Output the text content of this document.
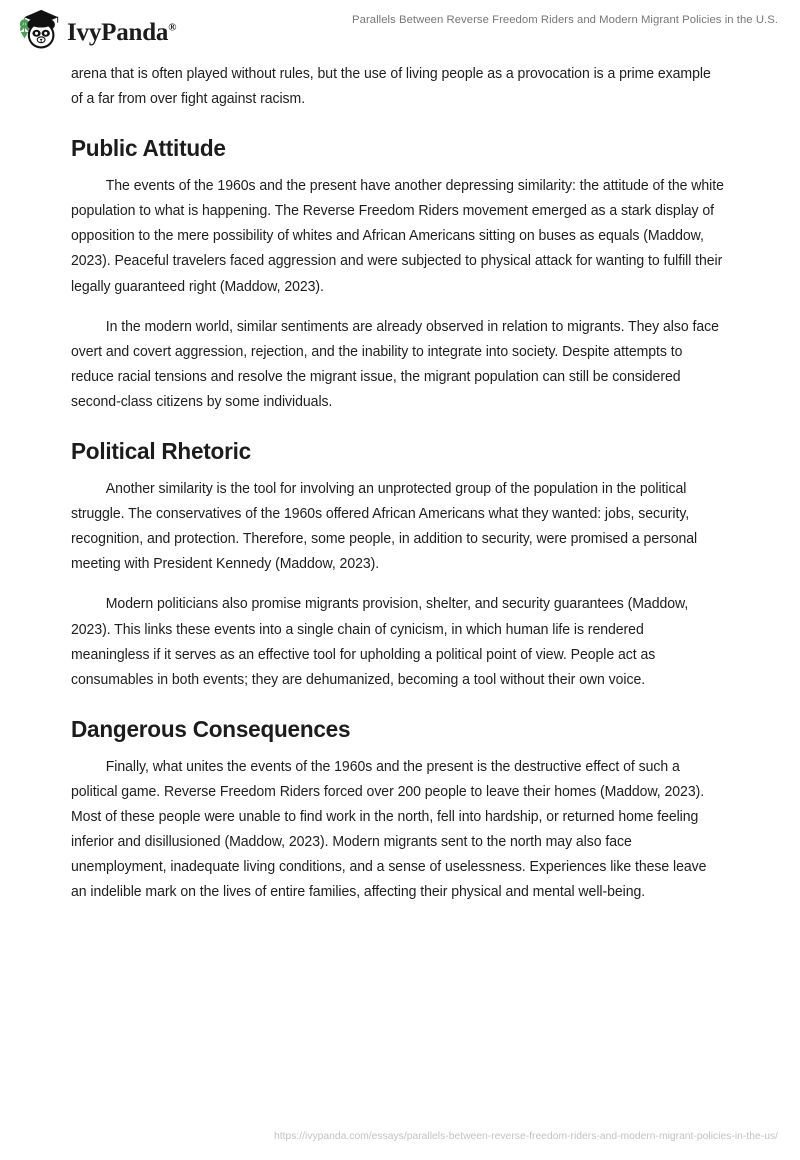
IvyPanda®
Parallels Between Reverse Freedom Riders and Modern Migrant Policies in the U.S.

arena that is often played without rules, but the use of living people as a provocation is a prime example of a far from over fight against racism.

Public Attitude

The events of the 1960s and the present have another depressing similarity: the attitude of the white population to what is happening. The Reverse Freedom Riders movement emerged as a stark display of opposition to the mere possibility of whites and African Americans sitting on buses as equals (Maddow, 2023). Peaceful travelers faced aggression and were subjected to physical attack for wanting to fulfill their legally guaranteed right (Maddow, 2023).

In the modern world, similar sentiments are already observed in relation to migrants. They also face overt and covert aggression, rejection, and the inability to integrate into society. Despite attempts to reduce racial tensions and resolve the migrant issue, the migrant population can still be considered second-class citizens by some individuals.

Political Rhetoric

Another similarity is the tool for involving an unprotected group of the population in the political struggle. The conservatives of the 1960s offered African Americans what they wanted: jobs, security, recognition, and protection. Therefore, some people, in addition to security, were promised a personal meeting with President Kennedy (Maddow, 2023).

Modern politicians also promise migrants provision, shelter, and security guarantees (Maddow, 2023). This links these events into a single chain of cynicism, in which human life is rendered meaningless if it serves as an effective tool for upholding a political point of view. People act as consumables in both events; they are dehumanized, becoming a tool without their own voice.

Dangerous Consequences

Finally, what unites the events of the 1960s and the present is the destructive effect of such a political game. Reverse Freedom Riders forced over 200 people to leave their homes (Maddow, 2023). Most of these people were unable to find work in the north, fell into hardship, or returned home feeling inferior and disillusioned (Maddow, 2023). Modern migrants sent to the north may also face unemployment, inadequate living conditions, and a sense of uselessness. Experiences like these leave an indelible mark on the lives of entire families, affecting their physical and mental well-being.

https://ivypanda.com/essays/parallels-between-reverse-freedom-riders-and-modern-migrant-policies-in-the-us/
